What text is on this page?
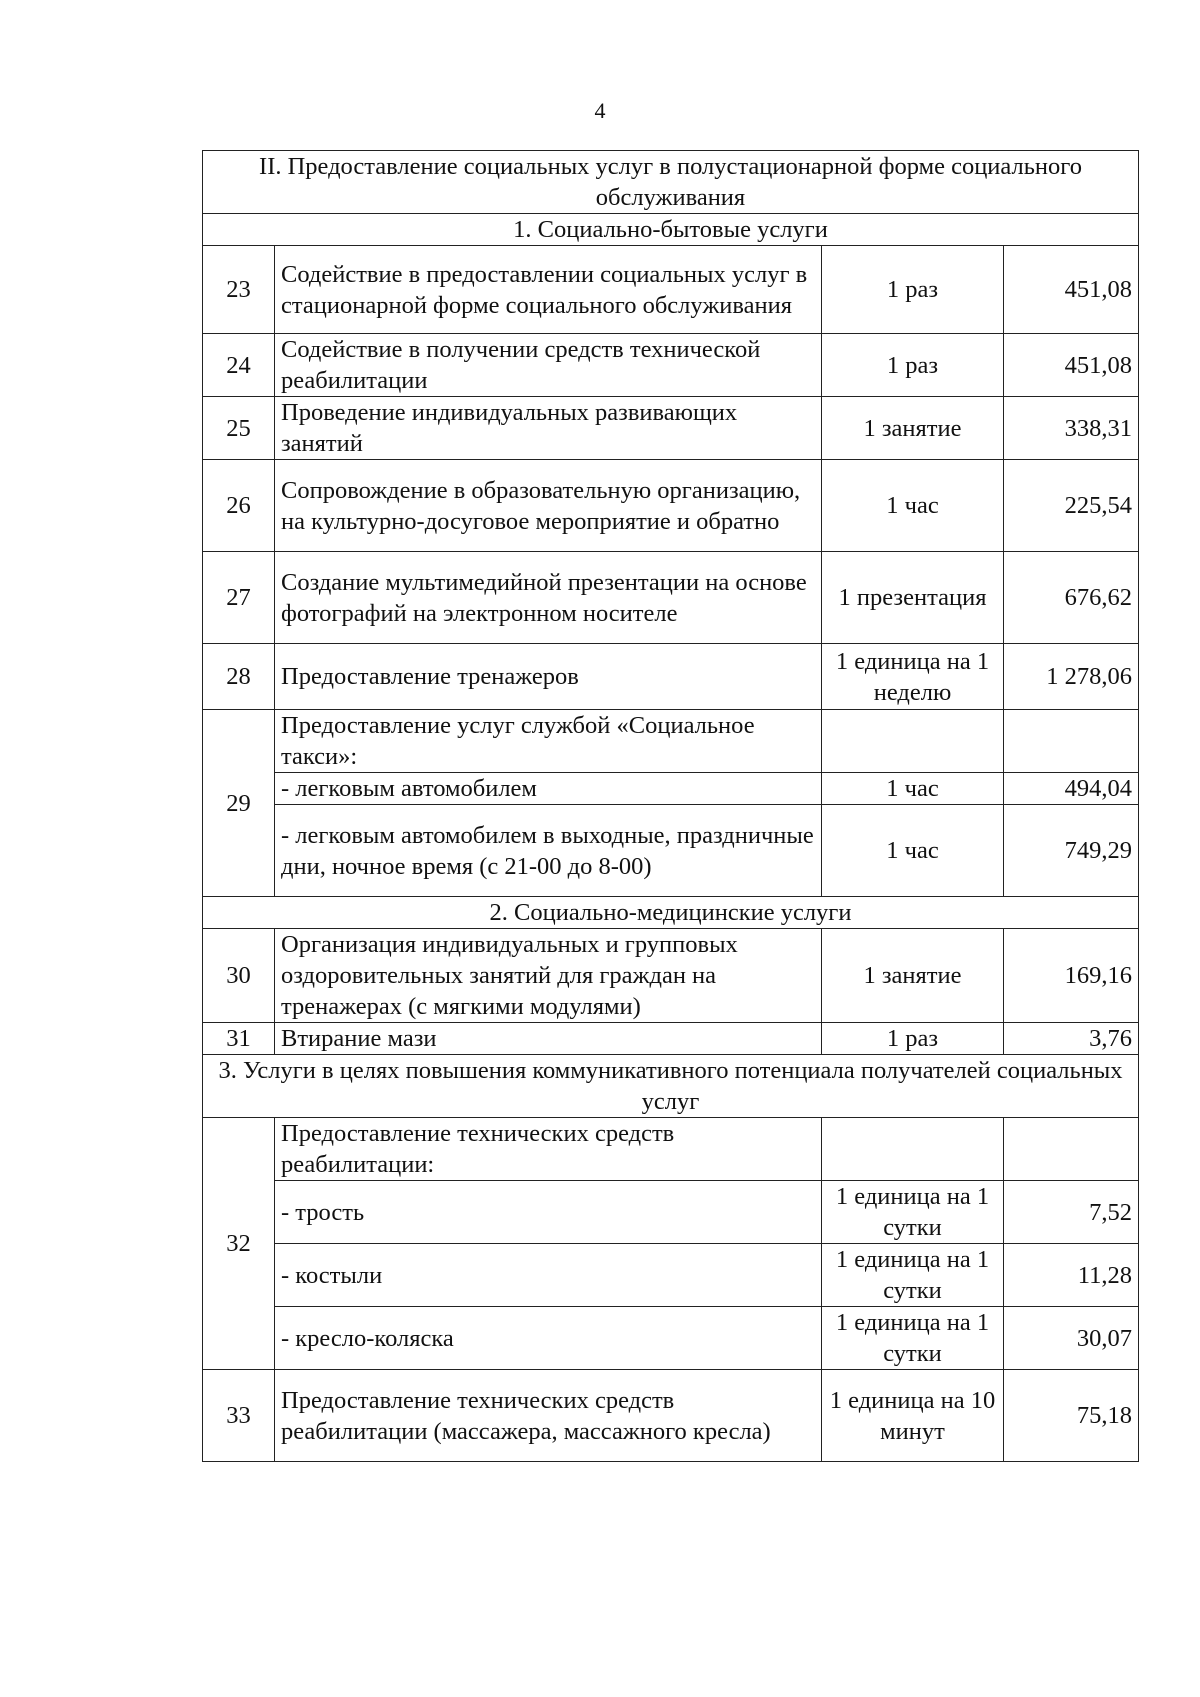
4
II. Предоставление социальных услуг в полустационарной форме социального обслуживания			
1. Социально-бытовые услуги			
23	Содействие в предоставлении социальных услуг в стационарной форме социального обслуживания	1 раз	451,08
24	Содействие в получении средств технической реабилитации	1 раз	451,08
25	Проведение индивидуальных развивающих занятий	1 занятие	338,31
26	Сопровождение в образовательную организацию, на культурно-досуговое мероприятие и обратно	1 час	225,54
27	Создание мультимедийной презентации на основе фотографий на электронном носителе	1 презентация	676,62
28	Предоставление тренажеров	1 единица на 1 неделю	1 278,06
29	Предоставление услуг службой «Социальное такси»:		
	- легковым автомобилем	1 час	494,04
	- легковым автомобилем в выходные, праздничные дни, ночное время (с 21-00 до 8-00)	1 час	749,29
2. Социально-медицинские услуги			
30	Организация индивидуальных и групповых оздоровительных занятий для граждан на тренажерах (с мягкими модулями)	1 занятие	169,16
31	Втирание мази	1 раз	3,76
3. Услуги в целях повышения коммуникативного потенциала получателей социальных услуг			
32	Предоставление технических средств реабилитации:		
	- трость	1 единица на 1 сутки	7,52
	- костыли	1 единица на 1 сутки	11,28
	- кресло-коляска	1 единица на 1 сутки	30,07
33	Предоставление технических средств реабилитации (массажера, массажного кресла)	1 единица на 10 минут	75,18
